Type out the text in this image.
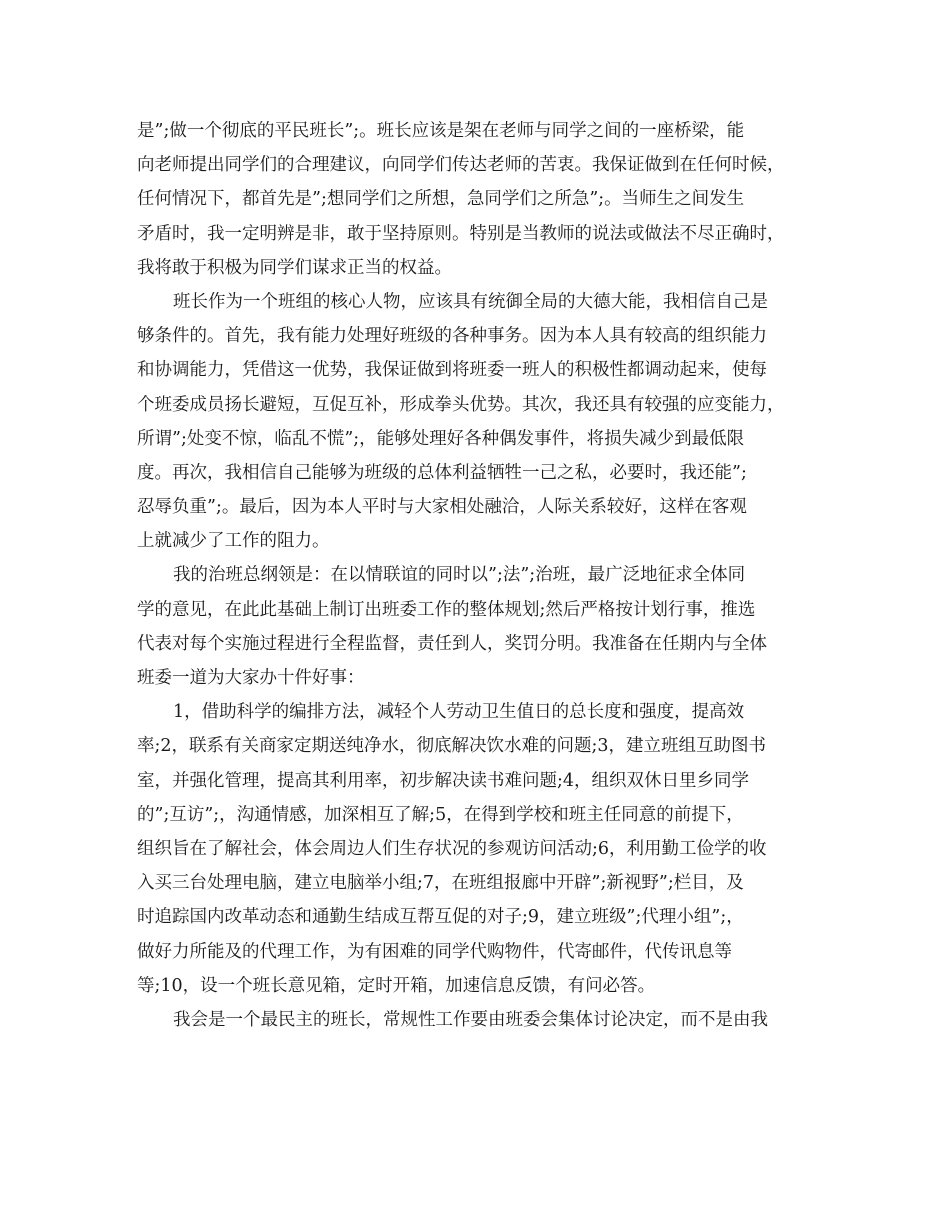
是”;做一个彻底的平民班长”;。班长应该是架在老师与同学之间的一座桥梁，能
向老师提出同学们的合理建议，向同学们传达老师的苦衷。我保证做到在任何时候，
任何情况下，都首先是”;想同学们之所想，急同学们之所急”;。当师生之间发生
矛盾时，我一定明辨是非，敢于坚持原则。特别是当教师的说法或做法不尽正确时，
我将敢于积极为同学们谋求正当的权益。
班长作为一个班组的核心人物，应该具有统御全局的大德大能，我相信自己是
够条件的。首先，我有能力处理好班级的各种事务。因为本人具有较高的组织能力
和协调能力，凭借这一优势，我保证做到将班委一班人的积极性都调动起来，使每
个班委成员扬长避短，互促互补，形成拳头优势。其次，我还具有较强的应变能力，
所谓”;处变不惊，临乱不慌”;，能够处理好各种偶发事件，将损失减少到最低限
度。再次，我相信自己能够为班级的总体利益牺牲一己之私，必要时，我还能”;
忍辱负重”;。最后，因为本人平时与大家相处融洽，人际关系较好，这样在客观
上就减少了工作的阻力。
我的治班总纲领是：在以情联谊的同时以”;法”;治班，最广泛地征求全体同
学的意见，在此此基础上制订出班委工作的整体规划;然后严格按计划行事，推选
代表对每个实施过程进行全程监督，责任到人，奖罚分明。我准备在任期内与全体
班委一道为大家办十件好事：
1，借助科学的编排方法，减轻个人劳动卫生值日的总长度和强度，提高效
率;2，联系有关商家定期送纯净水，彻底解决饮水难的问题;3，建立班组互助图书
室，并强化管理，提高其利用率，初步解决读书难问题;4，组织双休日里乡同学
的”;互访”;，沟通情感，加深相互了解;5，在得到学校和班主任同意的前提下，
组织旨在了解社会，体会周边人们生存状况的参观访问活动;6，利用勤工俭学的收
入买三台处理电脑，建立电脑举小组;7，在班组报廊中开辟”;新视野”;栏目，及
时追踪国内改革动态和通勤生结成互帮互促的对子;9，建立班级”;代理小组”;，
做好力所能及的代理工作，为有困难的同学代购物件，代寄邮件，代传讯息等
等;10，设一个班长意见箱，定时开箱，加速信息反馈，有问必答。
我会是一个最民主的班长，常规性工作要由班委会集体讨论决定，而不是由我
